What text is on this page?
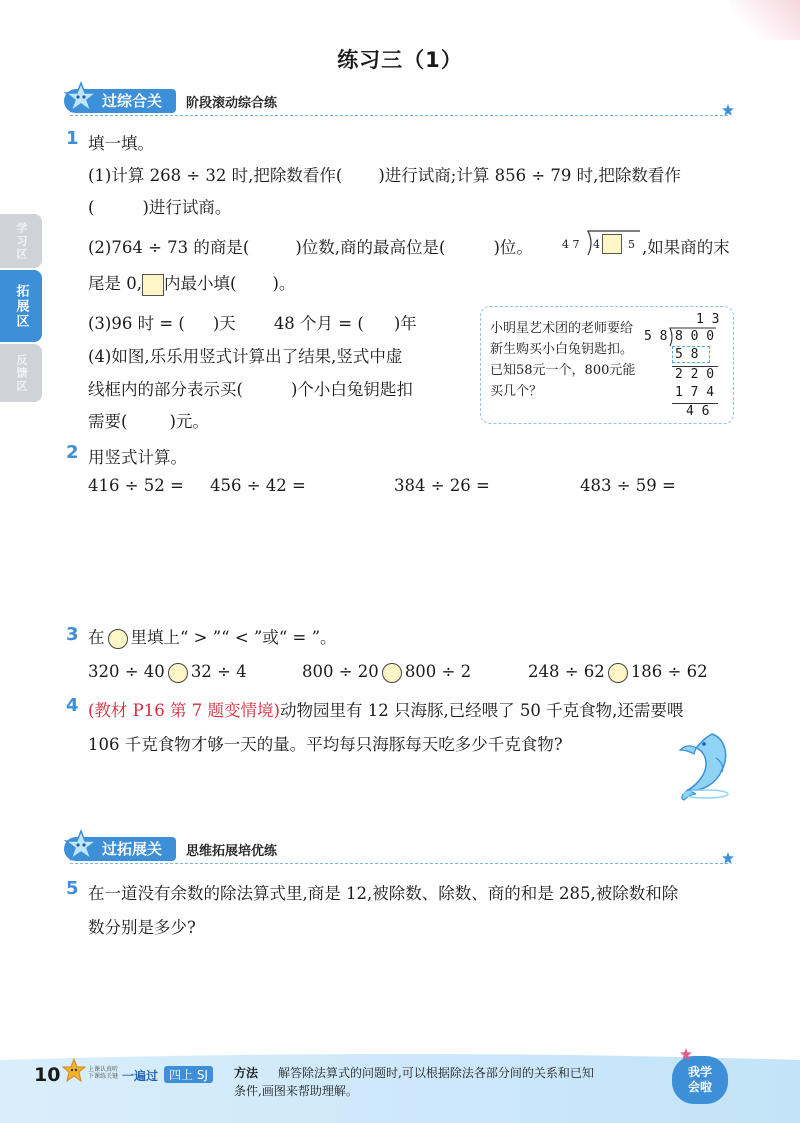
练习三（1）
学习区
拓展区
反馈区
过综合关	阶段滚动综合练
1 填一填。
(1)计算 268 ÷ 32 时,把除数看作( )进行试商;计算 856 ÷ 79 时,把除数看作
(	)进行试商。
(2)764 ÷ 73 的商是(	)位数,商的最高位是(	)位。	4 7 4	5 ,如果商的末
尾是 0, 内最小填( )。
(3)96 时 = ( )天 48 个月 = ( )年
(4)如图,乐乐用竖式计算出了结果,竖式中虚
线框内的部分表示买(	)个小白兔钥匙扣
需要(	)元。
小明星艺术团的老师要给新生购买小白兔钥匙扣。已知58元一个，800元能买几个？
1 3
5 8 8 0 0
5 8
2 2 0
1 7 4
4 6
2 用竖式计算。
416 ÷ 52 = 456 ÷ 42 =	384 ÷ 26 =	483 ÷ 59 =
3 在 里填上“ > ”“ < ”或“ = ”。
320 ÷ 40 32 ÷ 4	800 ÷ 20 800 ÷ 2	248 ÷ 62 186 ÷ 62
4 (教材 P16 第 7 题变情境)动物园里有 12 只海豚,已经喂了 50 千克食物,还需要喂
106 千克食物才够一天的量。平均每只海豚每天吃多少千克食物?
过拓展关	思维拓展培优练
5 在一道没有余数的除法算式里,商是 12,被除数、除数、商的和是 285,被除数和除
数分别是多少?
10	上课认真听
下课练关键 一遍过 四上 SJ	方法	解答除法算式的问题时,可以根据除法各部分间的关系和已知
条件,画图来帮助理解。
我学
会啦
